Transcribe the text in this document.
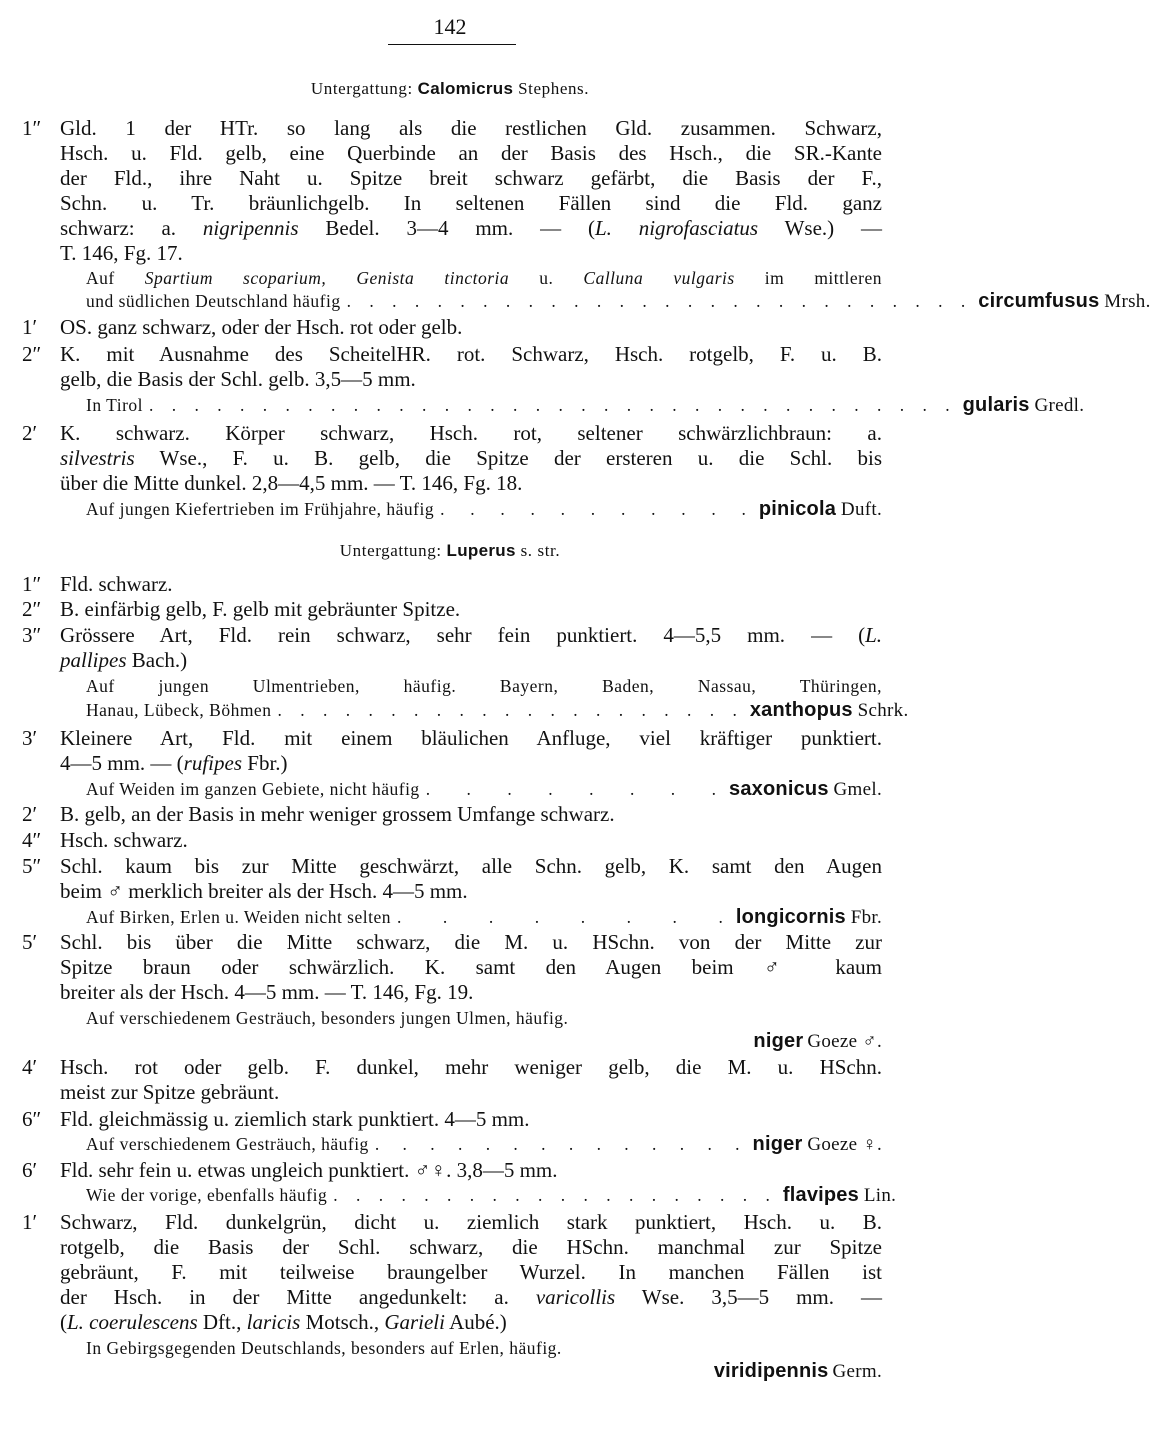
142
Untergattung: Calomicrus Stephens.
1″ Gld. 1 der HTr. so lang als die restlichen Gld. zusammen. Schwarz,
Hsch. u. Fld. gelb, eine Querbinde an der Basis des Hsch., die SR.-Kante
der Fld., ihre Naht u. Spitze breit schwarz gefärbt, die Basis der F.,
Schn. u. Tr. bräunlichgelb. In seltenen Fällen sind die Fld. ganz
schwarz: a. nigripennis Bedel. 3—4 mm. — (L. nigrofasciatus Wse.) —
T. 146, Fg. 17.
Auf Spartium scoparium, Genista tinctoria u. Calluna vulgaris im mittleren
und südlichen Deutschland häufig . . . . . . . . . . . . . . . . . . . . . . . . . . . . circumfusus Mrsh.
1′ OS. ganz schwarz, oder der Hsch. rot oder gelb.
2″ K. mit Ausnahme des ScheitelHR. rot. Schwarz, Hsch. rotgelb, F. u. B.
gelb, die Basis der Schl. gelb. 3,5—5 mm.
In Tirol . . . . . . . . . . . . . . . . . . . . . . . . . . . . . . . . . . . . gularis Gredl.
2′ K. schwarz. Körper schwarz, Hsch. rot, seltener schwärzlichbraun: a.
silvestris Wse., F. u. B. gelb, die Spitze der ersteren u. die Schl. bis
über die Mitte dunkel. 2,8—4,5 mm. — T. 146, Fg. 18.
Auf jungen Kiefertrieben im Frühjahre, häufig . . . . . . . . . . . pinicola Duft.
Untergattung: Luperus s. str.
1″ Fld. schwarz.
2″ B. einfärbig gelb, F. gelb mit gebräunter Spitze.
3″ Grössere Art, Fld. rein schwarz, sehr fein punktiert. 4—5,5 mm. — (L.
pallipes Bach.)
Auf jungen Ulmentrieben, häufig. Bayern, Baden, Nassau, Thüringen,
Hanau, Lübeck, Böhmen . . . . . . . . . . . . . . . . . . . . . xanthopus Schrk.
3′ Kleinere Art, Fld. mit einem bläulichen Anfluge, viel kräftiger punktiert.
4—5 mm. — (rufipes Fbr.)
Auf Weiden im ganzen Gebiete, nicht häufig . . . . . . . . saxonicus Gmel.
2′ B. gelb, an der Basis in mehr weniger grossem Umfange schwarz.
4″ Hsch. schwarz.
5″ Schl. kaum bis zur Mitte geschwärzt, alle Schn. gelb, K. samt den Augen
beim ♂ merklich breiter als der Hsch. 4—5 mm.
Auf Birken, Erlen u. Weiden nicht selten . . . . . . . . longicornis Fbr.
5′ Schl. bis über die Mitte schwarz, die M. u. HSchn. von der Mitte zur
Spitze braun oder schwärzlich. K. samt den Augen beim ♂ kaum
breiter als der Hsch. 4—5 mm. — T. 146, Fg. 19.
Auf verschiedenem Gesträuch, besonders jungen Ulmen, häufig.
niger Goeze ♂.
4′ Hsch. rot oder gelb. F. dunkel, mehr weniger gelb, die M. u. HSchn.
meist zur Spitze gebräunt.
6″ Fld. gleichmässig u. ziemlich stark punktiert. 4—5 mm.
Auf verschiedenem Gesträuch, häufig . . . . . . . . . . . . . . niger Goeze ♀.
6′ Fld. sehr fein u. etwas ungleich punktiert. ♂♀. 3,8—5 mm.
Wie der vorige, ebenfalls häufig . . . . . . . . . . . . . . . . . . . . flavipes Lin.
1′ Schwarz, Fld. dunkelgrün, dicht u. ziemlich stark punktiert, Hsch. u. B.
rotgelb, die Basis der Schl. schwarz, die HSchn. manchmal zur Spitze
gebräunt, F. mit teilweise braungelber Wurzel. In manchen Fällen ist
der Hsch. in der Mitte angedunkelt: a. varicollis Wse. 3,5—5 mm. —
(L. coerulescens Dft., laricis Motsch., Garieli Aubé.)
In Gebirgsgegenden Deutschlands, besonders auf Erlen, häufig.
viridipennis Germ.
